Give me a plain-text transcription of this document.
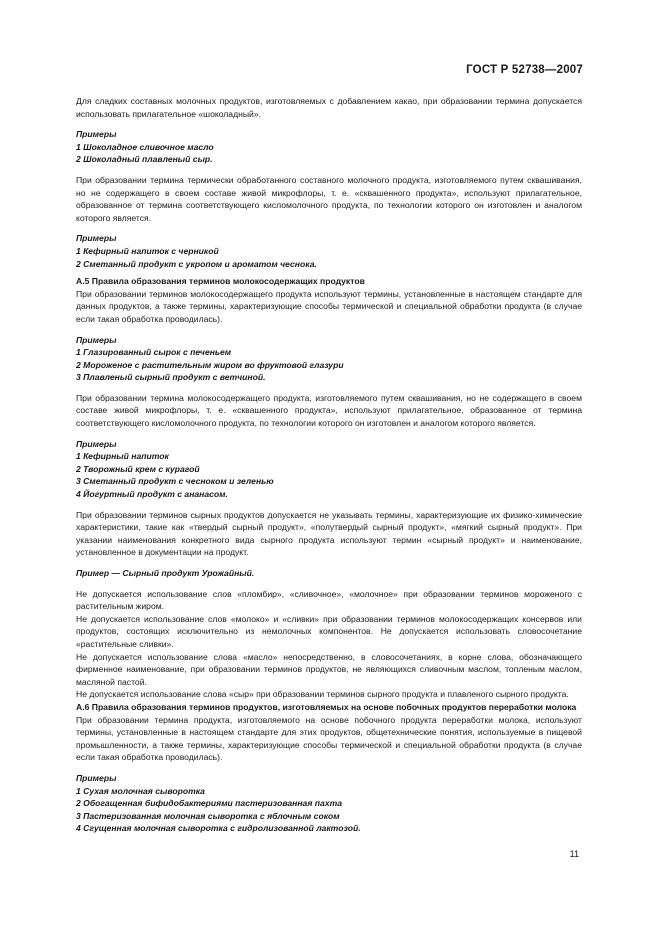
ГОСТ Р 52738—2007

Для сладких составных молочных продуктов, изготовляемых с добавлением какао, при образовании термина допускается использовать прилагательное «шоколадный».

Примеры
1 Шоколадное сливочное масло
2 Шоколадный плавленый сыр.

При образовании термина термически обработанного составного молочного продукта, изготовляемого путем сквашивания, но не содержащего в своем составе живой микрофлоры, т. е. «сквашенного продукта», используют прилагательное, образованное от термина соответствующего кисломолочного продукта, по технологии которого он изготовлен и аналогом которого является.

Примеры
1 Кефирный напиток с черникой
2 Сметанный продукт с укропом и ароматом чеснока.
А.5 Правила образования терминов молокосодержащих продуктов

При образовании терминов молокосодержащего продукта используют термины, установленные в настоящем стандарте для данных продуктов, а также термины, характеризующие способы термической и специальной обработки продукта (в случае если такая обработка проводилась).

Примеры
1 Глазированный сырок с печеньем
2 Мороженое с растительным жиром во фруктовой глазури
3 Плавленый сырный продукт с ветчиной.

При образовании термина молокосодержащего продукта, изготовляемого путем сквашивания, но не содержащего в своем составе живой микрофлоры, т. е. «сквашенного продукта», используют прилагательное, образованное от термина соответствующего кисломолочного продукта, по технологии которого он изготовлен и аналогом которого является.

Примеры
1 Кефирный напиток
2 Творожный крем с курагой
3 Сметанный продукт с чесноком и зеленью
4 Йогуртный продукт с ананасом.

При образовании терминов сырных продуктов допускается не указывать термины, характеризующие их физико-химические характеристики, такие как «твердый сырный продукт», «полутвердый сырный продукт», «мягкий сырный продукт». При указании наименования конкретного вида сырного продукта используют термин «сырный продукт» и наименование, установленное в документации на продукт.

Пример — Сырный продукт Урожайный.

Не допускается использование слов «пломбир», «сливочное», «молочное» при образовании терминов мороженого с растительным жиром.

Не допускается использование слов «молоко» и «сливки» при образовании терминов молокосодержащих консервов или продуктов, состоящих исключительно из немолочных компонентов. Не допускается использовать словосочетание «растительные сливки».

Не допускается использование слова «масло» непосредственно, в словосочетаниях, в корне слова, обозначающего фирменное наименование, при образовании терминов продуктов, не являющихся сливочным маслом, топленым маслом, масляной пастой.

Не допускается использование слова «сыр» при образовании терминов сырного продукта и плавленого сырного продукта.

А.6 Правила образования терминов продуктов, изготовляемых на основе побочных продуктов переработки молока

При образовании термина продукта, изготовляемого на основе побочного продукта переработки молока, используют термины, установленные в настоящем стандарте для этих продуктов, общетехнические понятия, используемые в пищевой промышленности, а также термины, характеризующие способы термической и специальной обработки продукта (в случае если такая обработка проводилась).

Примеры
1 Сухая молочная сыворотка
2 Обогащенная бифидобактериями пастеризованная пахта
3 Пастеризованная молочная сыворотка с яблочным соком
4 Сгущенная молочная сыворотка с гидролизованной лактозой.
11
